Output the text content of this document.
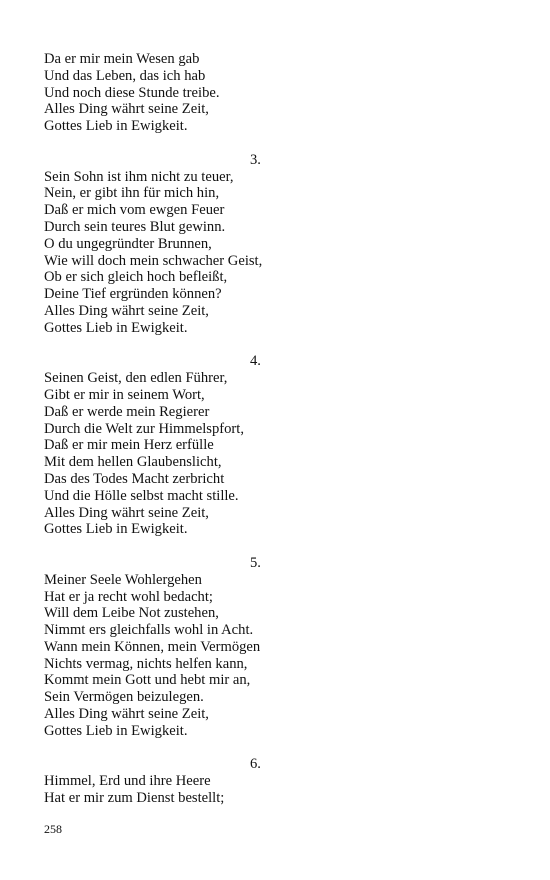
Da er mir mein Wesen gab
Und das Leben, das ich hab
Und noch diese Stunde treibe.
Alles Ding währt seine Zeit,
Gottes Lieb in Ewigkeit.
3.
Sein Sohn ist ihm nicht zu teuer,
Nein, er gibt ihn für mich hin,
Daß er mich vom ewgen Feuer
Durch sein teures Blut gewinn.
O du ungegründter Brunnen,
Wie will doch mein schwacher Geist,
Ob er sich gleich hoch befleißt,
Deine Tief ergründen können?
Alles Ding währt seine Zeit,
Gottes Lieb in Ewigkeit.
4.
Seinen Geist, den edlen Führer,
Gibt er mir in seinem Wort,
Daß er werde mein Regierer
Durch die Welt zur Himmelspfort,
Daß er mir mein Herz erfülle
Mit dem hellen Glaubenslicht,
Das des Todes Macht zerbricht
Und die Hölle selbst macht stille.
Alles Ding währt seine Zeit,
Gottes Lieb in Ewigkeit.
5.
Meiner Seele Wohlergehen
Hat er ja recht wohl bedacht;
Will dem Leibe Not zustehen,
Nimmt ers gleichfalls wohl in Acht.
Wann mein Können, mein Vermögen
Nichts vermag, nichts helfen kann,
Kommt mein Gott und hebt mir an,
Sein Vermögen beizulegen.
Alles Ding währt seine Zeit,
Gottes Lieb in Ewigkeit.
6.
Himmel, Erd und ihre Heere
Hat er mir zum Dienst bestellt;
258
